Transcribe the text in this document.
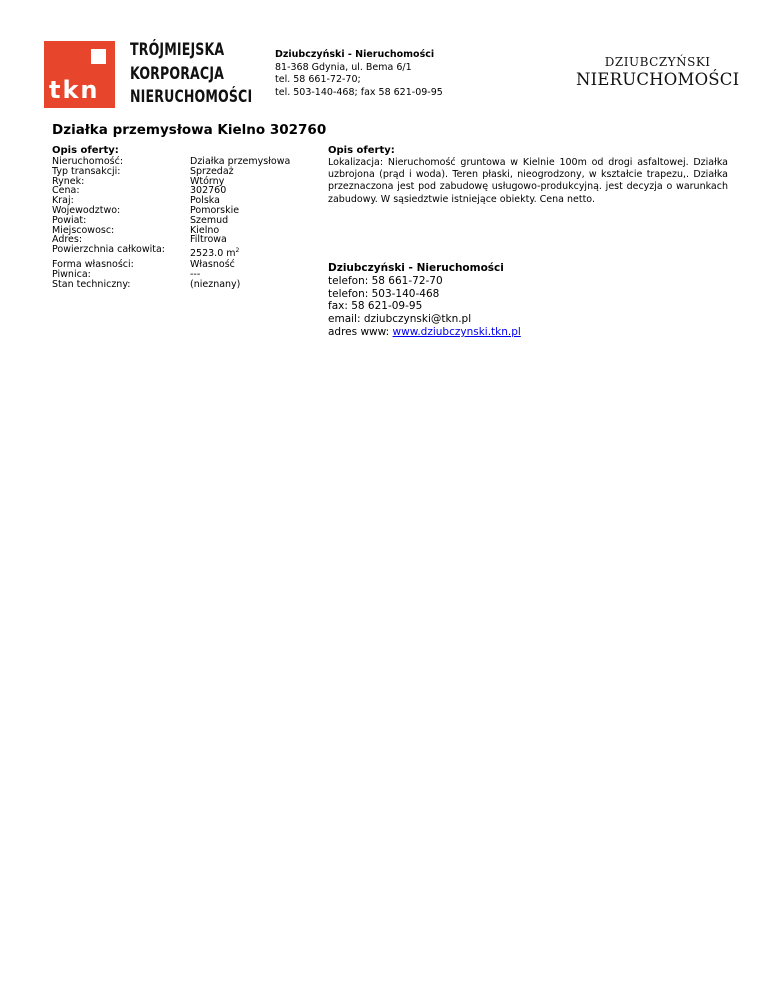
tkn
TRÓJMIEJSKA
KORPORACJA
NIERUCHOMOŚCI
Dziubczyński - Nieruchomości
81-368 Gdynia, ul. Bema 6/1
tel. 58 661-72-70;
tel. 503-140-468; fax 58 621-09-95
DZIUBCZYŃSKI
NIERUCHOMOŚCI
Działka przemysłowa Kielno 302760
Opis oferty:
Nieruchomość:	Działka przemysłowa
Typ transakcji:	Sprzedaż
Rynek:	Wtórny
Cena:	302760
Kraj:	Polska
Wojewodztwo:	Pomorskie
Powiat:	Szemud
Miejscowosc:	Kielno
Adres:	Filtrowa
Powierzchnia całkowita:	2523.0 $m^2$
Forma własności:	Własność
Piwnica:	---
Stan techniczny:	(nieznany)
Opis oferty:
Lokalizacja: Nieruchomość gruntowa w Kielnie 100m od drogi asfaltowej. Działka uzbrojona (prąd i woda). Teren płaski, nieogrodzony, w kształcie trapezu,. Działka przeznaczona jest pod zabudowę usługowo-produkcyjną. jest decyzja o warunkach zabudowy. W sąsiedztwie istniejące obiekty. Cena netto.
Dziubczyński - Nieruchomości
telefon: 58 661-72-70
telefon: 503-140-468
fax: 58 621-09-95
email: dziubczynski@tkn.pl
adres www: www.dziubczynski.tkn.pl
